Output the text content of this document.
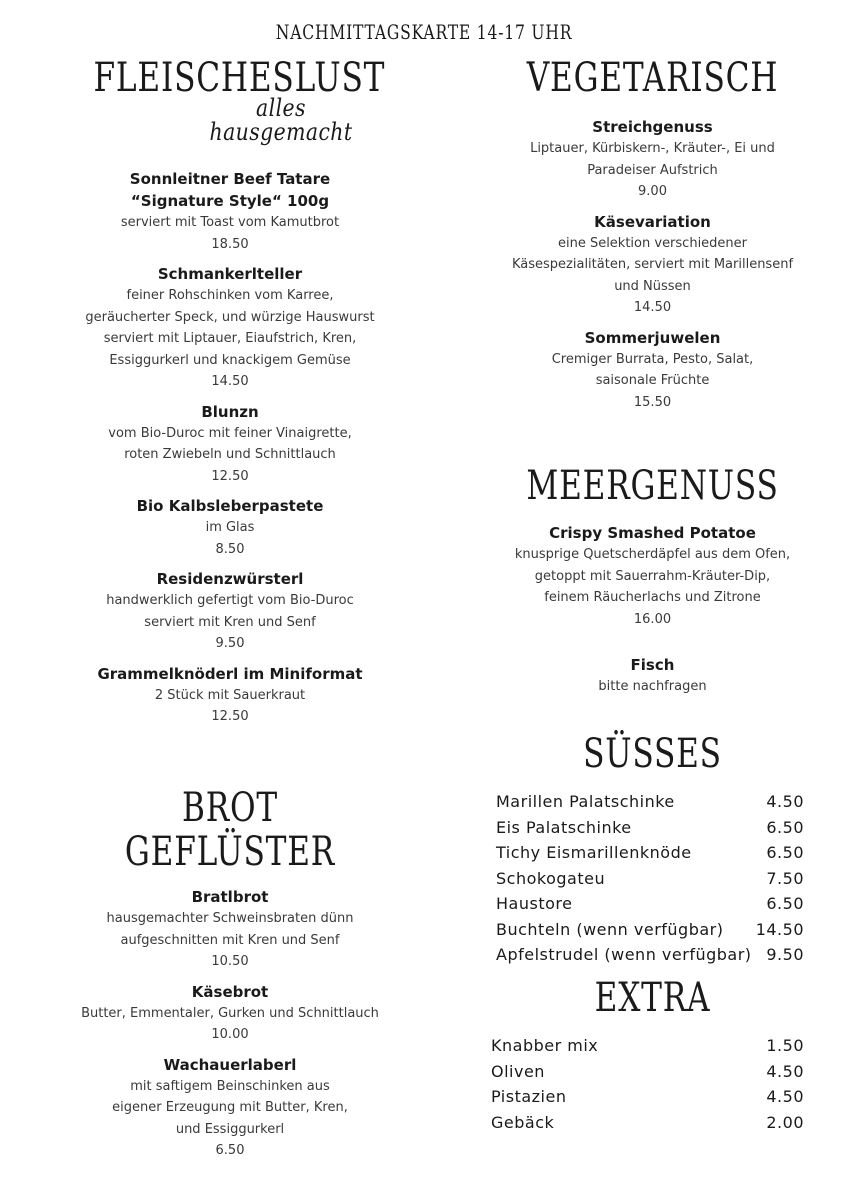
NACHMITTAGSKARTE 14-17 UHR
FLEISCHESLUST
alles hausgemacht
Sonnleitner Beef Tatare
“Signature Style“ 100g
serviert mit Toast vom Kamutbrot
18.50
Schmankerlteller
feiner Rohschinken vom Karree,
geräucherter Speck, und würzige Hauswurst
serviert mit Liptauer, Eiaufstrich, Kren,
Essiggurkerl und knackigem Gemüse
14.50
Blunzn
vom Bio-Duroc mit feiner Vinaigrette,
roten Zwiebeln und Schnittlauch
12.50
Bio Kalbsleberpastete
im Glas
8.50
Residenzwürsterl
handwerklich gefertigt vom Bio-Duroc
serviert mit Kren und Senf
9.50
Grammelknöderl im Miniformat
2 Stück mit Sauerkraut
12.50
BROT GEFLÜSTER
Bratlbrot
hausgemachter Schweinsbraten dünn
aufgeschnitten mit Kren und Senf
10.50
Käsebrot
Butter, Emmentaler, Gurken und Schnittlauch
10.00
Wachauerlaberl
mit saftigem Beinschinken aus
eigener Erzeugung mit Butter, Kren,
und Essiggurkerl
6.50
VEGETARISCH
Streichgenuss
Liptauer, Kürbiskern-, Kräuter-, Ei und
Paradeiser Aufstrich
9.00
Käsevariation
eine Selektion verschiedener
Käsespezialitäten, serviert mit Marillensenf
und Nüssen
14.50
Sommerjuwelen
Cremiger Burrata, Pesto, Salat,
saisonale Früchte
15.50
MEERGENUSS
Crispy Smashed Potatoe
knusprige Quetscherdäpfel aus dem Ofen,
getoppt mit Sauerrahm-Kräuter-Dip,
feinem Räucherlachs und Zitrone
16.00
Fisch
bitte nachfragen
SÜSSES
EXTRA
Marillen Palatschinke	4.50
Eis Palatschinke	6.50
Tichy Eismarillenknöde	6.50
Schokogateu	7.50
Haustore	6.50
Buchteln (wenn verfügbar) 14.50
Apfelstrudel (wenn verfügbar) 9.50
Knabber mix	1.50
Oliven	4.50
Pistazien	4.50
Gebäck	2.00
